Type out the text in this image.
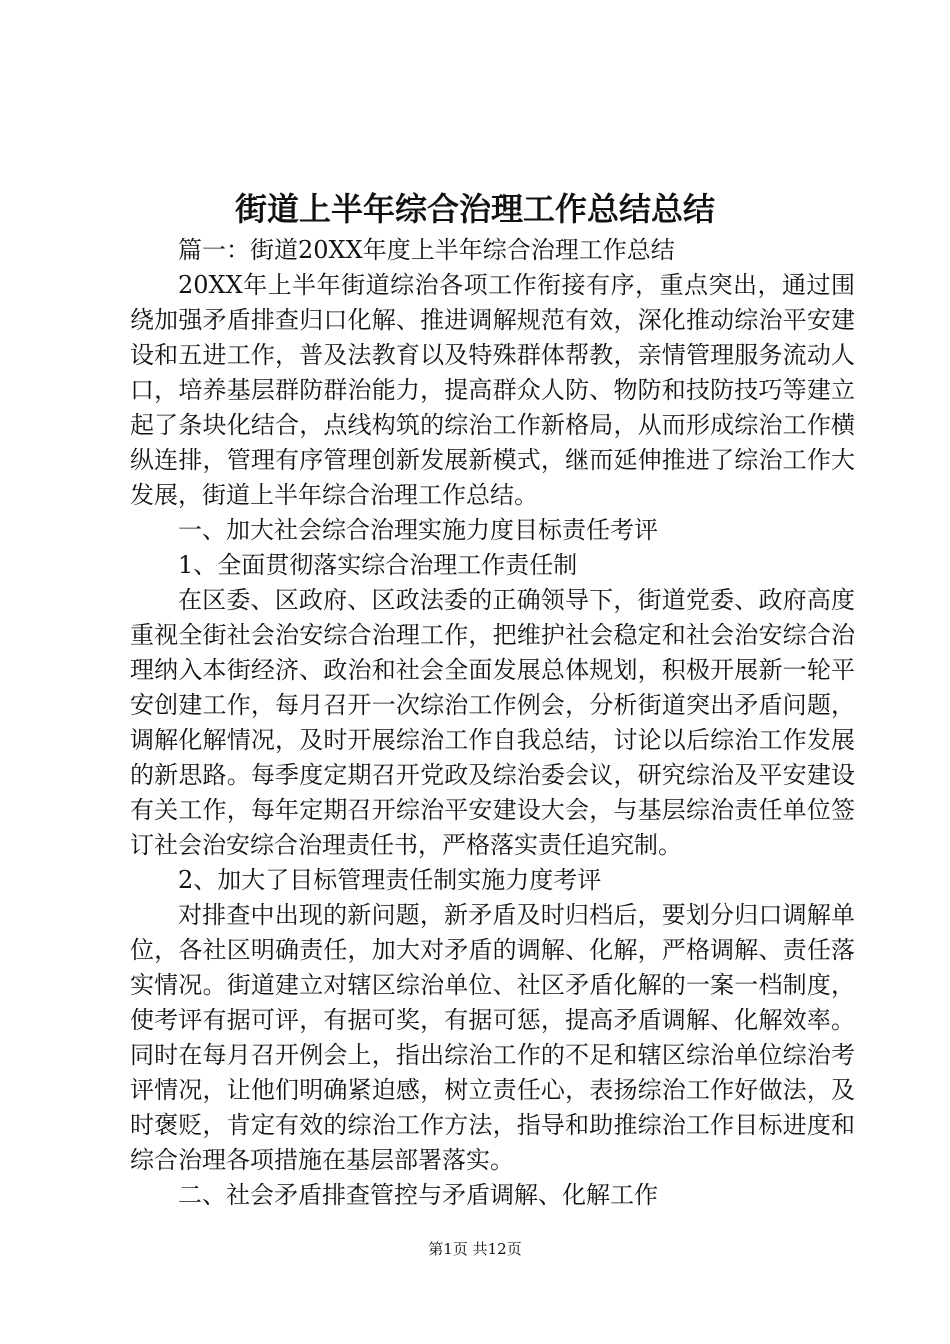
街道上半年综合治理工作总结总结

篇一：街道20XX年度上半年综合治理工作总结

20XX年上半年街道综治各项工作衔接有序，重点突出，通过围绕加强矛盾排查归口化解、推进调解规范有效，深化推动综治平安建设和五进工作，普及法教育以及特殊群体帮教，亲情管理服务流动人口，培养基层群防群治能力，提高群众人防、物防和技防技巧等建立起了条块化结合，点线构筑的综治工作新格局，从而形成综治工作横纵连排，管理有序管理创新发展新模式，继而延伸推进了综治工作大发展，街道上半年综合治理工作总结。

一、加大社会综合治理实施力度目标责任考评

1、全面贯彻落实综合治理工作责任制

在区委、区政府、区政法委的正确领导下，街道党委、政府高度重视全街社会治安综合治理工作，把维护社会稳定和社会治安综合治理纳入本街经济、政治和社会全面发展总体规划，积极开展新一轮平安创建工作，每月召开一次综治工作例会，分析街道突出矛盾问题，调解化解情况，及时开展综治工作自我总结，讨论以后综治工作发展的新思路。每季度定期召开党政及综治委会议，研究综治及平安建设有关工作，每年定期召开综治平安建设大会，与基层综治责任单位签订社会治安综合治理责任书，严格落实责任追究制。

2、加大了目标管理责任制实施力度考评

对排查中出现的新问题，新矛盾及时归档后，要划分归口调解单位，各社区明确责任，加大对矛盾的调解、化解，严格调解、责任落实情况。街道建立对辖区综治单位、社区矛盾化解的一案一档制度，使考评有据可评，有据可奖，有据可惩，提高矛盾调解、化解效率。同时在每月召开例会上，指出综治工作的不足和辖区综治单位综治考评情况，让他们明确紧迫感，树立责任心，表扬综治工作好做法，及时褒贬，肯定有效的综治工作方法，指导和助推综治工作目标进度和综合治理各项措施在基层部署落实。

二、社会矛盾排查管控与矛盾调解、化解工作

第1页 共12页
